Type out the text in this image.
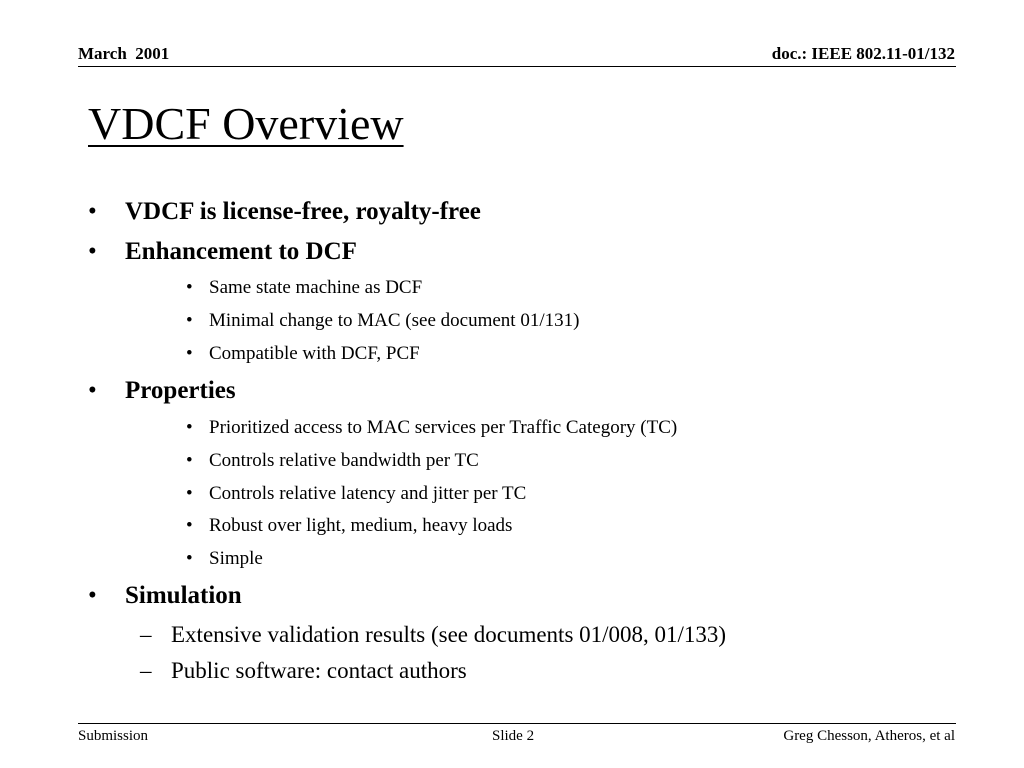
March  2001	doc.: IEEE 802.11-01/132
VDCF Overview
• VDCF is license-free, royalty-free
• Enhancement to DCF
• Same state machine as DCF
• Minimal change to MAC (see document 01/131)
• Compatible with DCF, PCF
• Properties
• Prioritized access to MAC services per Traffic Category (TC)
• Controls relative bandwidth per TC
• Controls relative latency and jitter per TC
• Robust over light, medium, heavy loads
• Simple
• Simulation
– Extensive validation results (see documents 01/008, 01/133)
– Public software: contact authors
Submission	Slide 2	Greg Chesson, Atheros, et al
